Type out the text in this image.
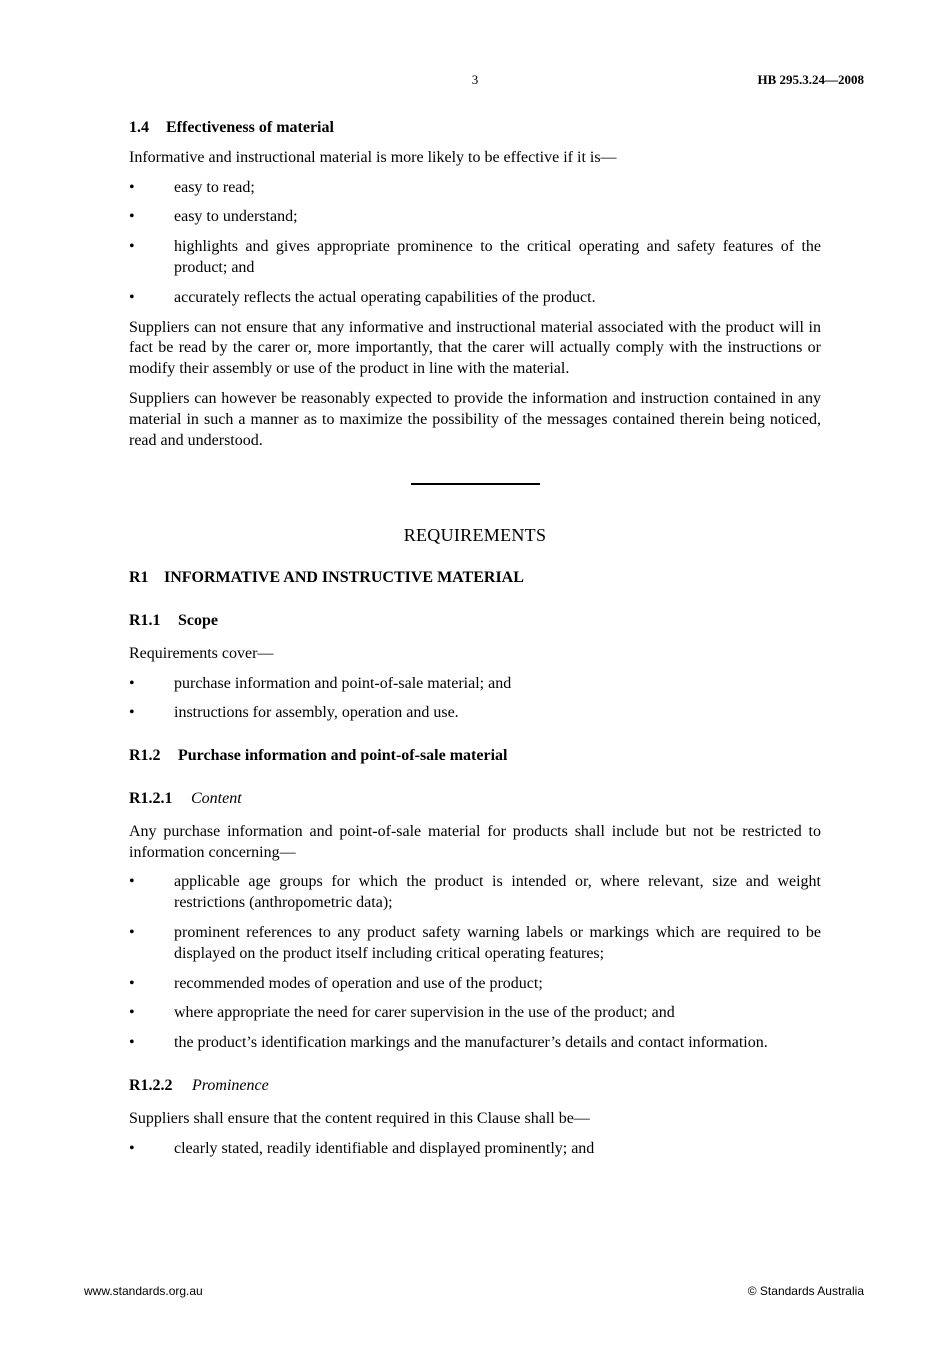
3	HB 295.3.24—2008
1.4 Effectiveness of material

Informative and instructional material is more likely to be effective if it is—

• easy to read;
• easy to understand;
• highlights and gives appropriate prominence to the critical operating and safety features of the product; and
• accurately reflects the actual operating capabilities of the product.

Suppliers can not ensure that any informative and instructional material associated with the product will in fact be read by the carer or, more importantly, that the carer will actually comply with the instructions or modify their assembly or use of the product in line with the material.

Suppliers can however be reasonably expected to provide the information and instruction contained in any material in such a manner as to maximize the possibility of the messages contained therein being noticed, read and understood.

REQUIREMENTS
R1 INFORMATIVE AND INSTRUCTIVE MATERIAL
R1.1 Scope

Requirements cover—

• purchase information and point-of-sale material; and
• instructions for assembly, operation and use.
R1.2 Purchase information and point-of-sale material
R1.2.1 Content

Any purchase information and point-of-sale material for products shall include but not be restricted to information concerning—

• applicable age groups for which the product is intended or, where relevant, size and weight restrictions (anthropometric data);
• prominent references to any product safety warning labels or markings which are required to be displayed on the product itself including critical operating features;
• recommended modes of operation and use of the product;
• where appropriate the need for carer supervision in the use of the product; and
• the product’s identification markings and the manufacturer’s details and contact information.
R1.2.2 Prominence

Suppliers shall ensure that the content required in this Clause shall be—

• clearly stated, readily identifiable and displayed prominently; and
www.standards.org.au	© Standards Australia
